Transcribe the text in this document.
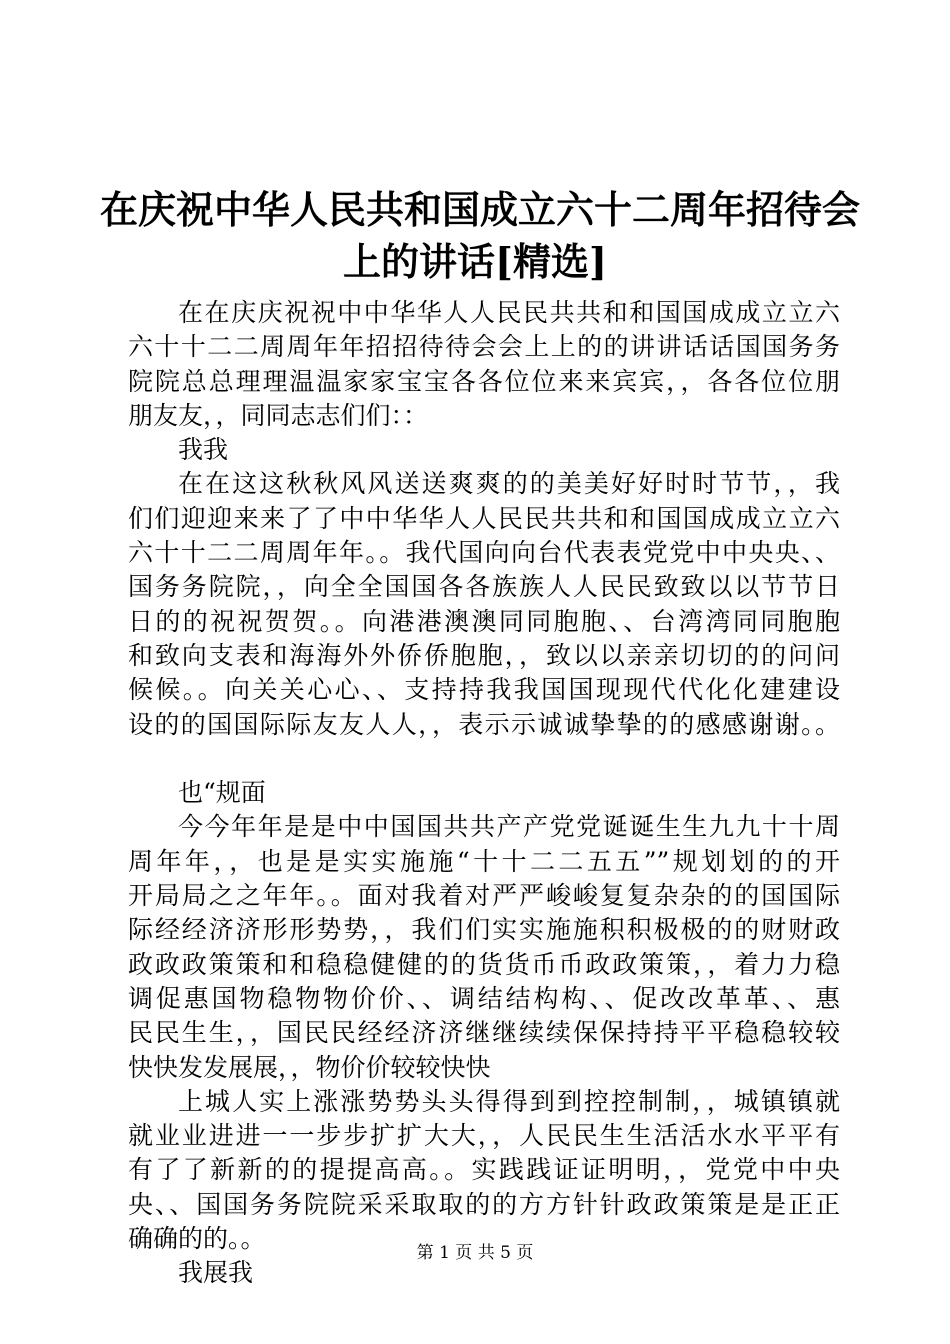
在庆祝中华人民共和国成立六十二周年招待会
上的讲话[精选]
在在庆庆祝祝中中华华人人民民共共和和国国成成立立六
六十十二二周周年年招招待待会会上上的的讲讲话话国国务务
院院总总理理温温家家宝宝各各位位来来宾宾，，各各位位朋
朋友友，，同同志志们们：：
我我
在在这这秋秋风风送送爽爽的的美美好好时时节节，，我
们们迎迎来来了了中中华华人人民民共共和和国国成成立立六
六十十二二周周年年。。我代国向向台代表表党党中中央央、、
国务务院院，，向全全国国各各族族人人民民致致以以节节日
日的的祝祝贺贺。。向港港澳澳同同胞胞、、台湾湾同同胞胞
和致向支表和海海外外侨侨胞胞，，致以以亲亲切切的的问问
候候。。向关关心心、、支持持我我国国现现代代化化建建设
设的的国国际际友友人人，，表示示诚诚挚挚的的感感谢谢。。
也“规面
今今年年是是中中国国共共产产党党诞诞生生九九十十周
周年年，，也是是实实施施“十十二二五五””规划划的的开
开局局之之年年。。面对我着对严严峻峻复复杂杂的的国国际
际经经济济形形势势，，我们们实实施施积积极极的的财财政
政政政策策和和稳稳健健的的货货币币政政策策，，着力力稳
调促惠国物稳物物价价、、调结结构构、、促改改革革、、惠
民民生生，，国民民经经济济继继续续保保持持平平稳稳较较
快快发发展展，，物价价较较快快
上城人实上涨涨势势头头得得到到控控制制，，城镇镇就
就业业进进一一步步扩扩大大，，人民民生生活活水水平平有
有了了新新的的提提高高。。实践践证证明明，，党党中中央
央、、国国务务院院采采取取的的方方针针政政策策是是正正
确确的的。。
我展我
第 1 页 共 5 页
